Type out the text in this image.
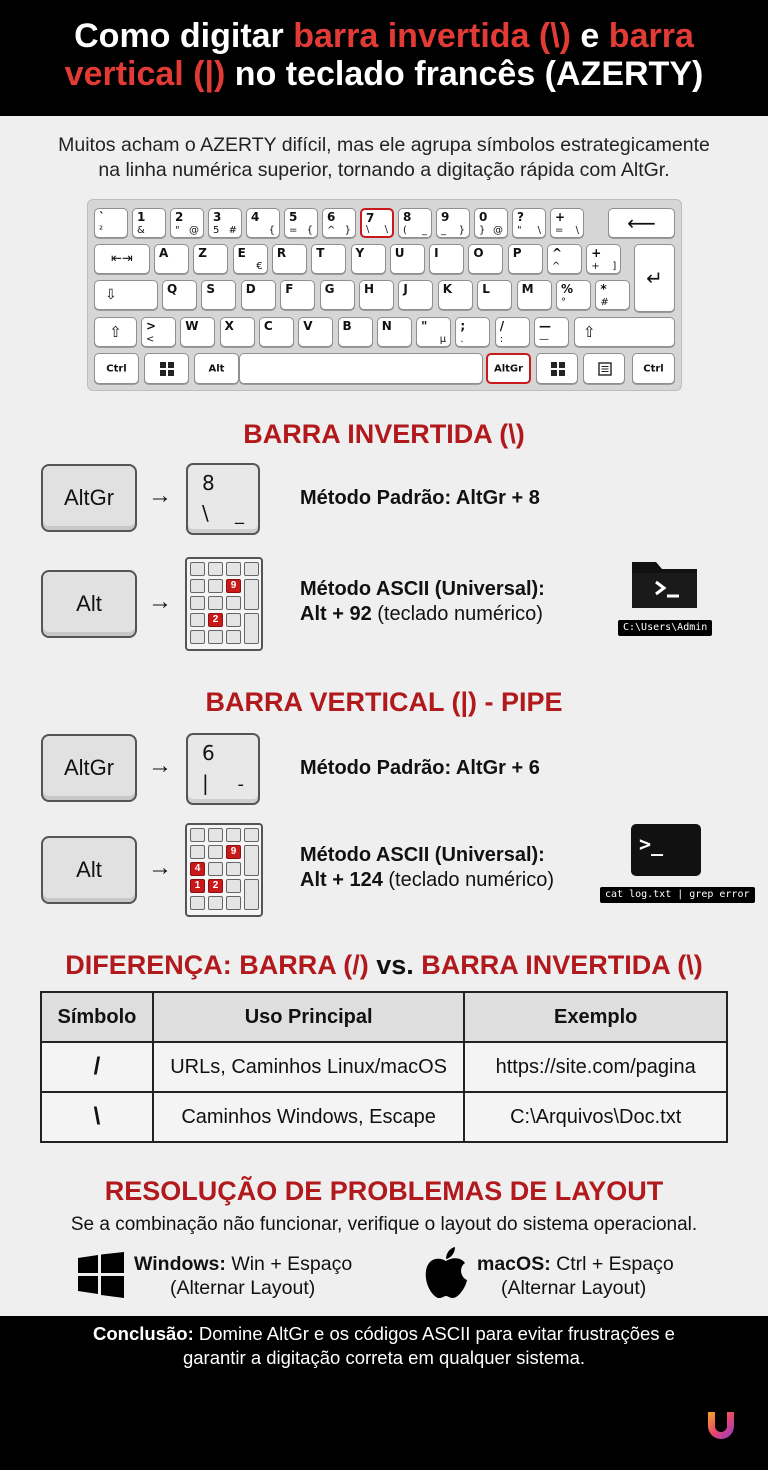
Como digitar barra invertida (\) e barra
vertical (|) no teclado francês (AZERTY)
Muitos acham o AZERTY difícil, mas ele agrupa símbolos estrategicamente
na linha numérica superior, tornando a digitação rápida com AltGr.
⟵
⇤⇥
↵
⇩
⇧	⇧
Ctrl	Alt	AltGr	Ctrl
`
²
1
&
2
" @
3
5 #
4
{
5
= {
6
^ }
7
\ \
8
( _
9
_ }
0
} @
?
" \
+
= \
A	Z	E
€
R	T	Y	U I	O P	^
^
+
+ ]
Q S	D F	G H J	K	L	M %
°
*
#
>
<
W X	C	V	B	N "
µ
;
.
/
:
—
—
BARRA INVERTIDA (\)
AltGr → 8
\ _
Método Padrão: AltGr + 8
Alt →
9
2
Método ASCII (Universal):
Alt + 92 (teclado numérico)
C:\Users\Admin
BARRA VERTICAL (|) - PIPE
AltGr → 6
| -
Método Padrão: AltGr + 6
Alt →
9
4
1	2
Método ASCII (Universal):
Alt + 124 (teclado numérico)
>_
cat log.txt | grep error
DIFERENÇA: BARRA (/) vs. BARRA INVERTIDA (\)
Símbolo	Uso Principal	Exemplo
/	URLs, Caminhos Linux/macOS	https://site.com/pagina
\	Caminhos Windows, Escape	C:\Arquivos\Doc.txt
RESOLUÇÃO DE PROBLEMAS DE LAYOUT
Se a combinação não funcionar, verifique o layout do sistema operacional.
Windows: Win + Espaço
(Alternar Layout)
macOS: Ctrl + Espaço
(Alternar Layout)
Conclusão: Domine AltGr e os códigos ASCII para evitar frustrações e
garantir a digitação correta em qualquer sistema.
